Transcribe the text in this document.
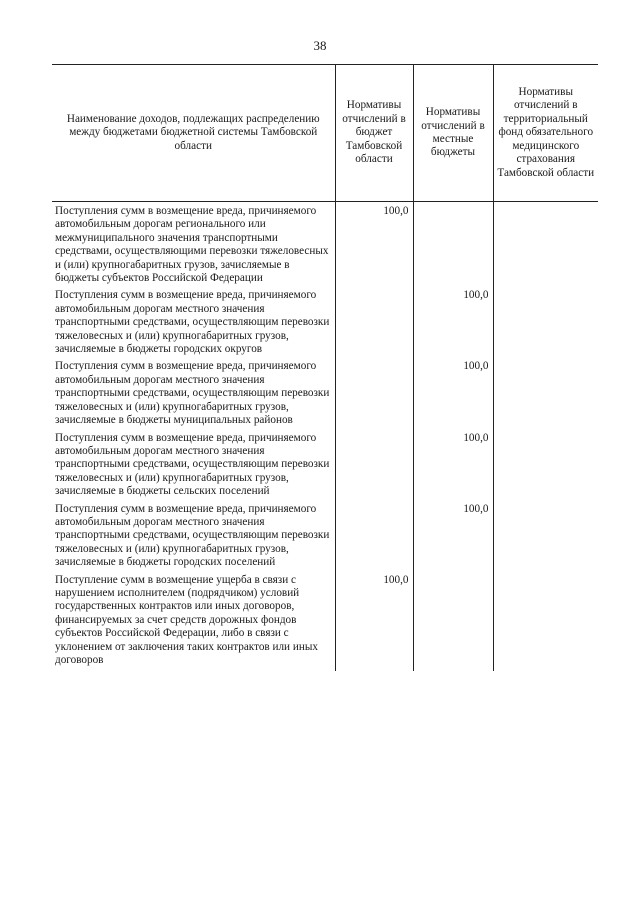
38
Наименование доходов, подлежащих распределению между бюджетами бюджетной системы Тамбовской области	Нормативы отчислений в бюджет Тамбовской области	Нормативы отчислений в местные бюджеты	Нормативы отчислений в территориальный фонд обязательного медицинского страхования Тамбовской области

Поступления сумм в возмещение вреда, причиняемого автомобильным дорогам регионального или межмуниципального значения транспортными средствами, осуществляющими перевозки тяжеловесных и (или) крупногабаритных грузов, зачисляемые в бюджеты субъектов Российской Федерации	100,0		

Поступления сумм в возмещение вреда, причиняемого автомобильным дорогам местного значения транспортными средствами, осуществляющим перевозки тяжеловесных и (или) крупногабаритных грузов, зачисляемые в бюджеты городских округов		100,0	

Поступления сумм в возмещение вреда, причиняемого автомобильным дорогам местного значения транспортными средствами, осуществляющим перевозки тяжеловесных и (или) крупногабаритных грузов, зачисляемые в бюджеты муниципальных районов		100,0	

Поступления сумм в возмещение вреда, причиняемого автомобильным дорогам местного значения транспортными средствами, осуществляющим перевозки тяжеловесных и (или) крупногабаритных грузов, зачисляемые в бюджеты сельских поселений		100,0	

Поступления сумм в возмещение вреда, причиняемого автомобильным дорогам местного значения транспортными средствами, осуществляющим перевозки тяжеловесных и (или) крупногабаритных грузов, зачисляемые в бюджеты городских поселений		100,0	

Поступление сумм в возмещение ущерба в связи с нарушением исполнителем (подрядчиком) условий государственных контрактов или иных договоров, финансируемых за счет средств дорожных фондов субъектов Российской Федерации, либо в связи с уклонением от заключения таких контрактов или иных договоров	100,0		
